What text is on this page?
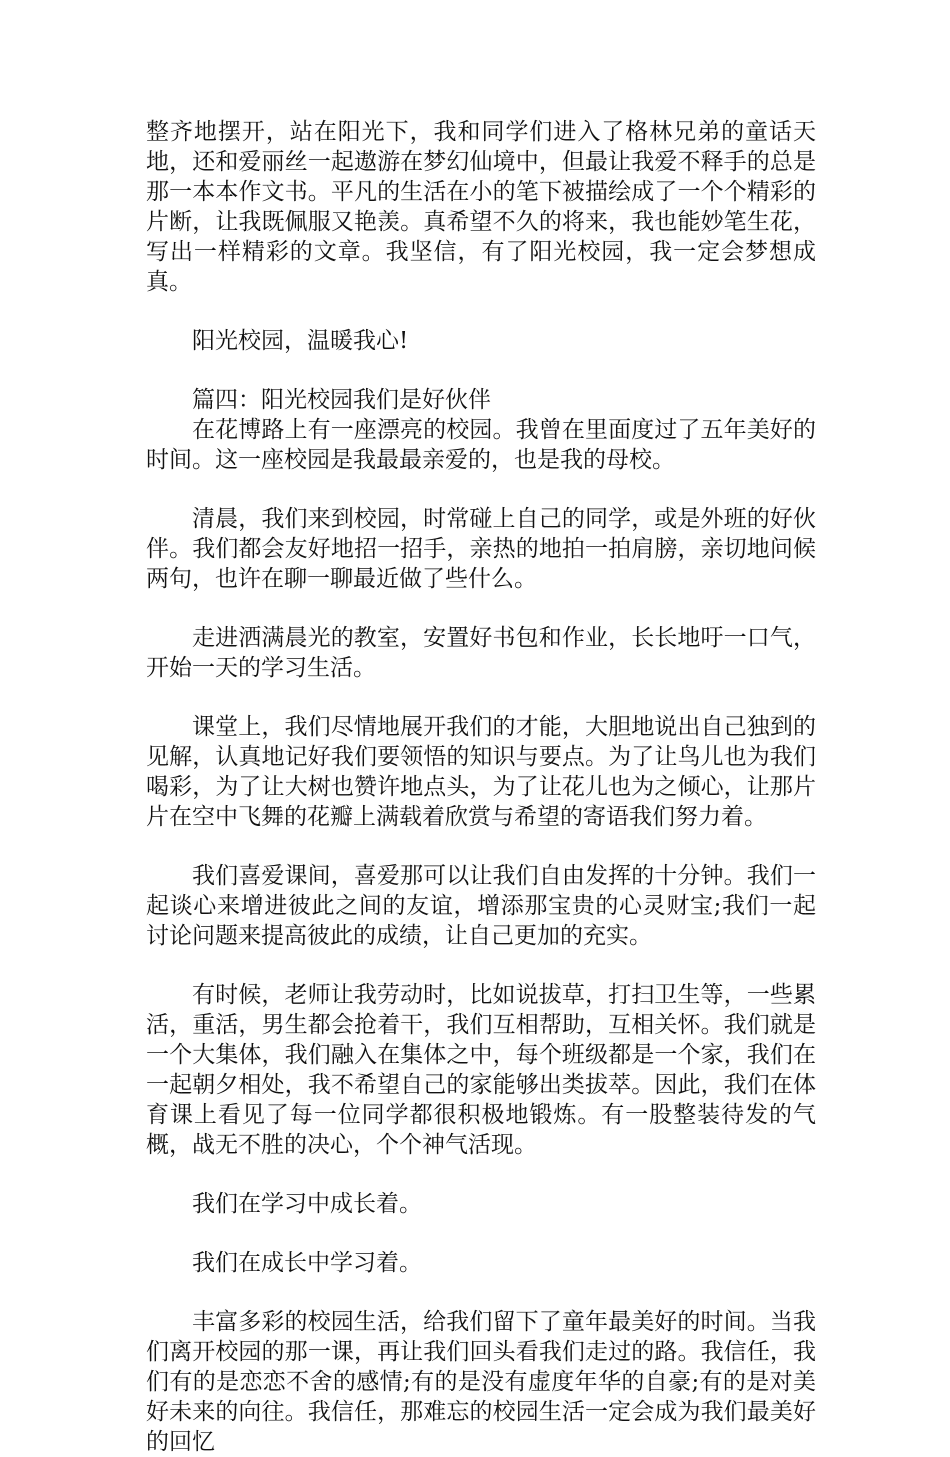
整齐地摆开，站在阳光下，我和同学们进入了格林兄弟的童话天地，还和爱丽丝一起遨游在梦幻仙境中，但最让我爱不释手的总是那一本本作文书。平凡的生活在小的笔下被描绘成了一个个精彩的片断，让我既佩服又艳羡。真希望不久的将来，我也能妙笔生花，写出一样精彩的文章。我坚信，有了阳光校园，我一定会梦想成真。

阳光校园，温暖我心!

篇四：阳光校园我们是好伙伴

在花博路上有一座漂亮的校园。我曾在里面度过了五年美好的时间。这一座校园是我最最亲爱的，也是我的母校。

清晨，我们来到校园，时常碰上自己的同学，或是外班的好伙伴。我们都会友好地招一招手，亲热的地拍一拍肩膀，亲切地问候两句，也许在聊一聊最近做了些什么。

走进洒满晨光的教室，安置好书包和作业，长长地吁一口气，开始一天的学习生活。

课堂上，我们尽情地展开我们的才能，大胆地说出自己独到的见解，认真地记好我们要领悟的知识与要点。为了让鸟儿也为我们喝彩，为了让大树也赞许地点头，为了让花儿也为之倾心，让那片片在空中飞舞的花瓣上满载着欣赏与希望的寄语我们努力着。

我们喜爱课间，喜爱那可以让我们自由发挥的十分钟。我们一起谈心来增进彼此之间的友谊，增添那宝贵的心灵财宝;我们一起讨论问题来提高彼此的成绩，让自己更加的充实。

有时候，老师让我劳动时，比如说拔草，打扫卫生等，一些累活，重活，男生都会抢着干，我们互相帮助，互相关怀。我们就是一个大集体，我们融入在集体之中，每个班级都是一个家，我们在一起朝夕相处，我不希望自己的家能够出类拔萃。因此，我们在体育课上看见了每一位同学都很积极地锻炼。有一股整装待发的气概，战无不胜的决心，个个神气活现。

我们在学习中成长着。

我们在成长中学习着。

丰富多彩的校园生活，给我们留下了童年最美好的时间。当我们离开校园的那一课，再让我们回头看我们走过的路。我信任，我们有的是恋恋不舍的感情;有的是没有虚度年华的自豪;有的是对美好未来的向往。我信任，那难忘的校园生活一定会成为我们最美好的回忆
